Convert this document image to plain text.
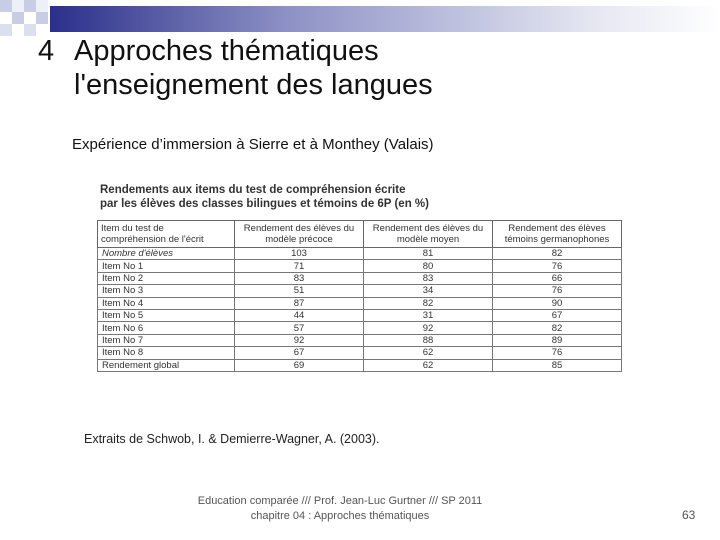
4 Approches thématiques
l'enseignement des langues
Expérience d’immersion à Sierre et à Monthey (Valais)
Rendements aux items du test de compréhension écrite
par les élèves des classes bilingues et témoins de 6P (en %)
Item du test de compréhension de l'écrit	Rendement des élèves du modèle précoce	Rendement des élèves du modèle moyen	Rendement des élèves témoins germanophones
Nombre d'élèves	103	81	82
Item No 1	71	80	76
Item No 2	83	83	66
Item No 3	51	34	76
Item No 4	87	82	90
Item No 5	44	31	67
Item No 6	57	92	82
Item No 7	92	88	89
Item No 8	67	62	76
Rendement global	69	62	85
Extraits de Schwob, I. & Demierre-Wagner, A. (2003).
Education comparée /// Prof. Jean-Luc Gurtner /// SP 2011
chapitre 04 : Approches thématiques	63
